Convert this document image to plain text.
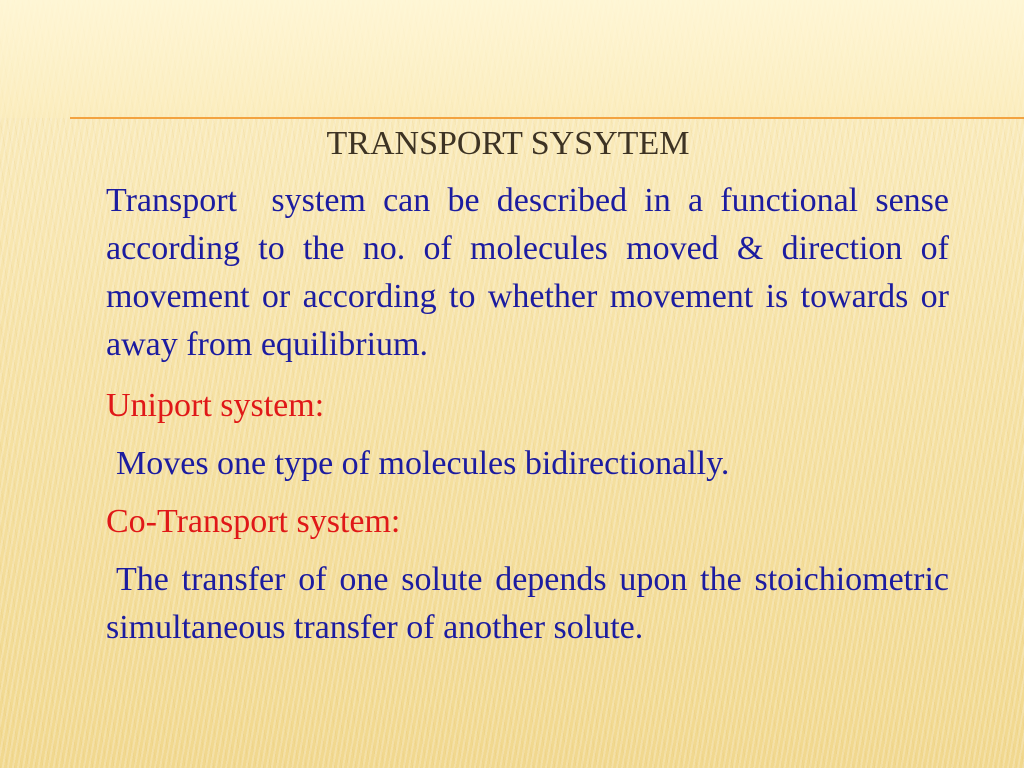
TRANSPORT SYSYTEM

Transport  system can be described in a functional sense according to the no. of molecules moved & direction of movement or according to whether movement is towards or away from equilibrium.

Uniport system:

Moves one type of molecules bidirectionally.

Co-Transport system:

The transfer of one solute depends upon the stoichiometric  simultaneous transfer of another solute.
